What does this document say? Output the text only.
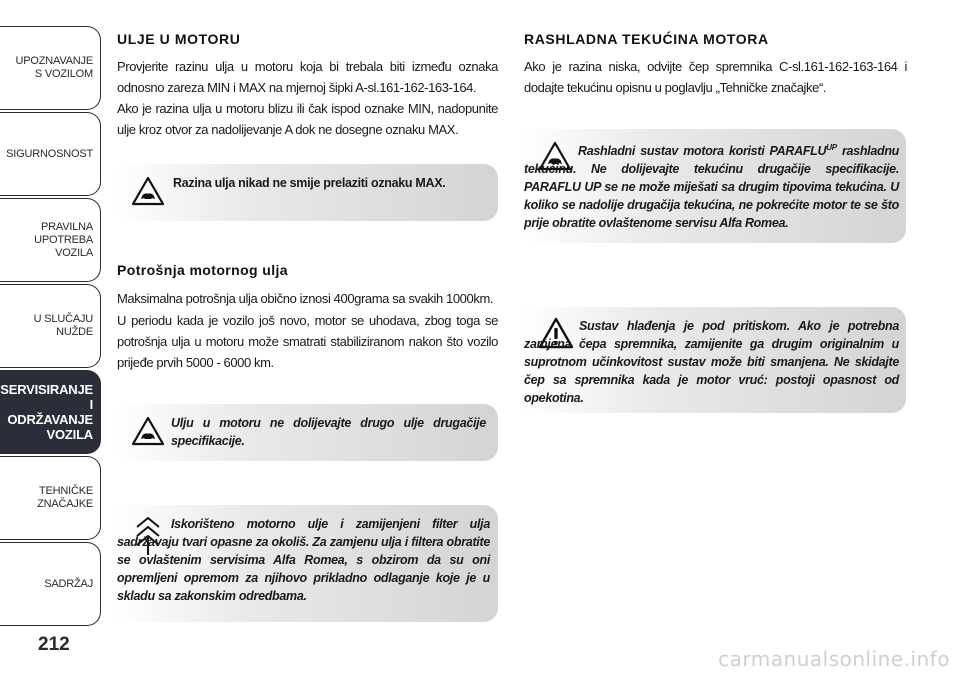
UPOZNAVANJE
S VOZILOM
SIGURNOSNOST
PRAVILNA
UPOTREBA
VOZILA
U SLUČAJU
NUŽDE
SERVISIRANJE I
ODRŽAVANJE
VOZILA
TEHNIČKE
ZNAČAJKE
SADRŽAJ
212
ULJE U MOTORU

Provjerite razinu ulja u motoru koja bi trebala biti između oznaka odnosno zareza MIN i MAX na mjernoj šipki A-sl.161-162-163-164.

Ako je razina ulja u motoru blizu ili čak ispod oznake MIN, nadopunite ulje kroz otvor za nadolijevanje A dok ne dosegne oznaku MAX.

Razina ulja nikad ne smije prelaziti oznaku MAX.
Potrošnja motornog ulja

Maksimalna potrošnja ulja obično iznosi 400grama sa svakih 1000km.

U periodu kada je vozilo još novo, motor se uhodava, zbog toga se potrošnja ulja u motoru može smatrati stabiliziranom nakon što vozilo prijeđe prvih 5000 - 6000 km.

Ulju u motoru ne dolijevajte drugo ulje drugačije specifikacije.
Iskorišteno motorno ulje i zamijenjeni filter ulja sadržavaju tvari opasne za okoliš. Za zamjenu ulja i filtera obratite se ovlaštenim servisima Alfa Romea, s obzirom da su oni opremljeni opremom za njihovo prikladno odlaganje koje je u skladu sa zakonskim odredbama.
RASHLADNA TEKUĆINA MOTORA

Ako je razina niska, odvijte čep spremnika C-sl.161-162-163-164 i dodajte tekućinu opisnu u poglavlju „Tehničke značajke“.

Rashladni sustav motora koristi $PARAFLU^{UP}$ rashladnu tekućinu. Ne dolijevajte tekućinu drugačije specifikacije. PARAFLU UP se ne može miješati sa drugim tipovima tekućina. U koliko se nadolije drugačija tekućina, ne pokrećite motor te se što prije obratite ovlaštenome servisu Alfa Romea.
Sustav hlađenja je pod pritiskom. Ako je potrebna zamjena čepa spremnika, zamijenite ga drugim originalnim u suprotnom učinkovitost sustav može biti smanjena. Ne skidajte čep sa spremnika kada je motor vruć: postoji opasnost od opekotina.
carmanualsonline.info
